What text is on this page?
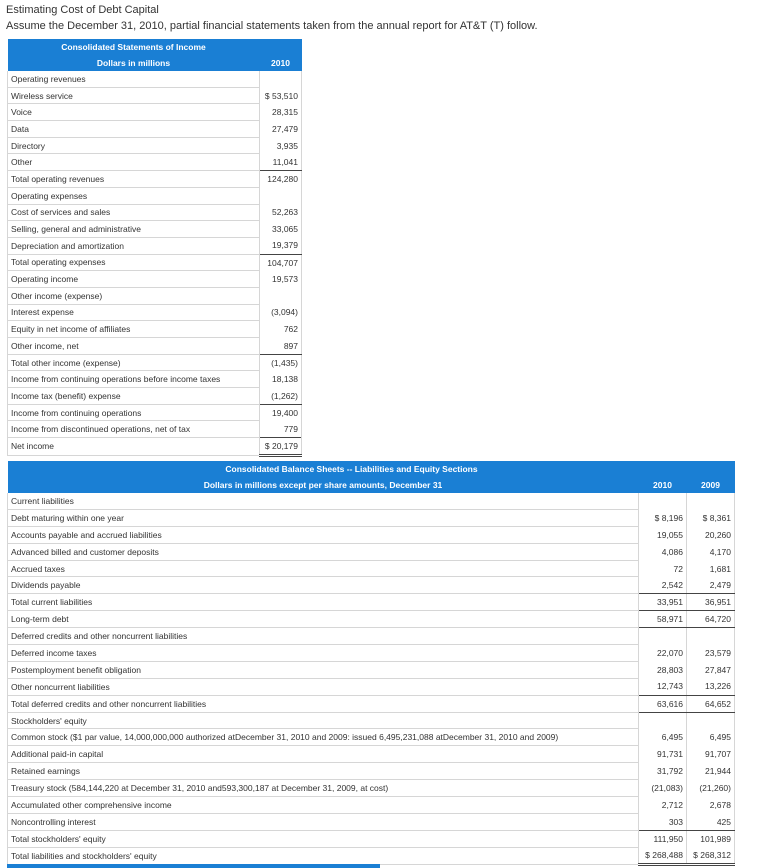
Estimating Cost of Debt Capital
Assume the December 31, 2010, partial financial statements taken from the annual report for AT&T (T) follow.
Consolidated Statements of Income	
Dollars in millions	2010
Operating revenues	
Wireless service	$ 53,510
Voice	28,315
Data	27,479
Directory	3,935
Other	11,041
Total operating revenues	124,280
Operating expenses	
Cost of services and sales	52,263
Selling, general and administrative	33,065
Depreciation and amortization	19,379
Total operating expenses	104,707
Operating income	19,573
Other income (expense)	
Interest expense	(3,094)
Equity in net income of affiliates	762
Other income, net	897
Total other income (expense)	(1,435)
Income from continuing operations before income taxes	18,138
Income tax (benefit) expense	(1,262)
Income from continuing operations	19,400
Income from discontinued operations, net of tax	779
Net income	$ 20,179
Consolidated Balance Sheets -- Liabilities and Equity Sections		
Dollars in millions except per share amounts, December 31	2010	2009
Current liabilities		
Debt maturing within one year	$ 8,196	$ 8,361
Accounts payable and accrued liabilities	19,055	20,260
Advanced billed and customer deposits	4,086	4,170
Accrued taxes	72	1,681
Dividends payable	2,542	2,479
Total current liabilities	33,951	36,951
Long-term debt	58,971	64,720
Deferred credits and other noncurrent liabilities		
Deferred income taxes	22,070	23,579
Postemployment benefit obligation	28,803	27,847
Other noncurrent liabilities	12,743	13,226
Total deferred credits and other noncurrent liabilities	63,616	64,652
Stockholders' equity		
Common stock ($1 par value, 14,000,000,000 authorized atDecember 31, 2010 and 2009: issued 6,495,231,088 atDecember 31, 2010 and 2009)	6,495	6,495
Additional paid-in capital	91,731	91,707
Retained earnings	31,792	21,944
Treasury stock (584,144,220 at December 31, 2010 and593,300,187 at December 31, 2009, at cost)	(21,083)	(21,260)
Accumulated other comprehensive income	2,712	2,678
Noncontrolling interest	303	425
Total stockholders' equity	111,950	101,989
Total liabilities and stockholders' equity	$ 268,488	$ 268,312
